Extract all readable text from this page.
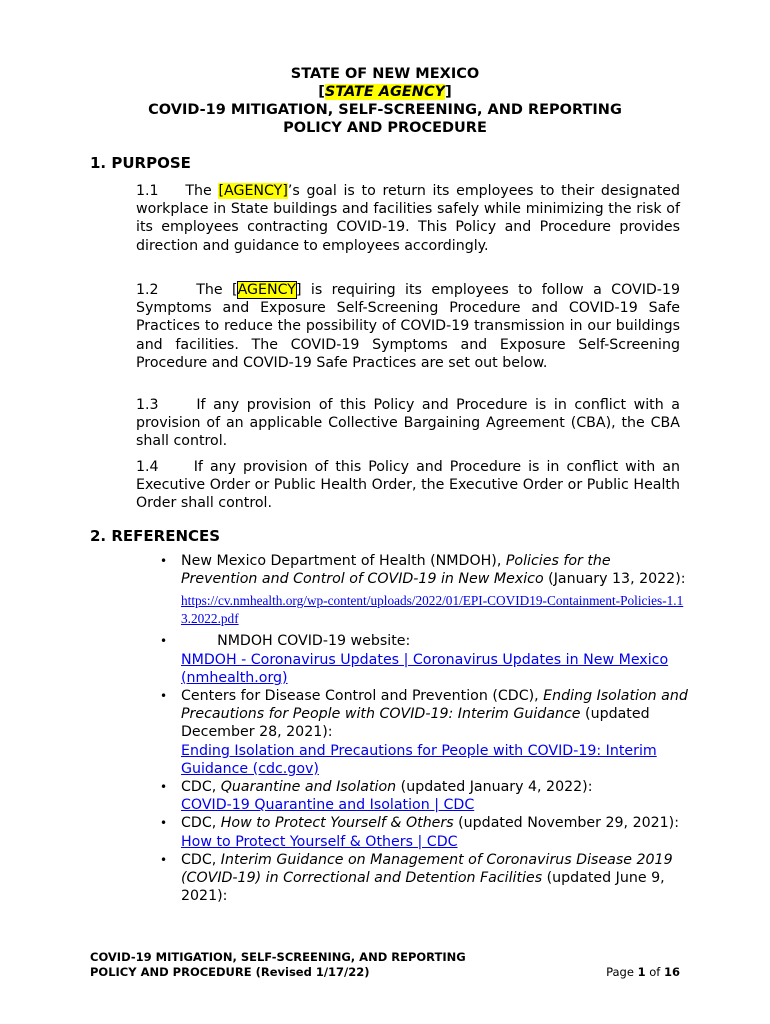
STATE OF NEW MEXICO
[STATE AGENCY]
COVID-19 MITIGATION, SELF-SCREENING, AND REPORTING
POLICY AND PROCEDURE
1. PURPOSE
1.1 The [AGENCY]’s goal is to return its employees to their designated workplace in State buildings and facilities safely while minimizing the risk of its employees contracting COVID-19. This Policy and Procedure provides direction and guidance to employees accordingly.
1.2	The [AGENCY] is requiring its employees to follow a COVID-19 Symptoms and Exposure Self-Screening Procedure and COVID-19 Safe Practices to reduce the possibility of COVID-19 transmission in our buildings and facilities. The COVID-19 Symptoms and Exposure Self-Screening Procedure and COVID-19 Safe Practices are set out below.
1.3	If any provision of this Policy and Procedure is in conflict with a provision of an applicable Collective Bargaining Agreement (CBA), the CBA shall control.
1.4 If any provision of this Policy and Procedure is in conflict with an Executive Order or Public Health Order, the Executive Order or Public Health Order shall control.
2. REFERENCES
• New Mexico Department of Health (NMDOH), Policies for the Prevention and Control of COVID-19 in New Mexico (January 13, 2022):
https://cv.nmhealth.org/wp-content/uploads/2022/01/EPI-COVID19-Containment-Policies-1.13.2022.pdf
• NMDOH COVID-19 website:
NMDOH - Coronavirus Updates | Coronavirus Updates in New Mexico (nmhealth.org)
• Centers for Disease Control and Prevention (CDC), Ending Isolation and Precautions for People with COVID-19: Interim Guidance (updated December 28, 2021):
Ending Isolation and Precautions for People with COVID-19: Interim Guidance (cdc.gov)
• CDC, Quarantine and Isolation (updated January 4, 2022):
COVID-19 Quarantine and Isolation | CDC
• CDC, How to Protect Yourself & Others (updated November 29, 2021):
How to Protect Yourself & Others | CDC
• CDC, Interim Guidance on Management of Coronavirus Disease 2019 (COVID-19) in Correctional and Detention Facilities (updated June 9, 2021):
COVID-19 MITIGATION, SELF-SCREENING, AND REPORTING
POLICY AND PROCEDURE (Revised 1/17/22)	Page 1 of 16
